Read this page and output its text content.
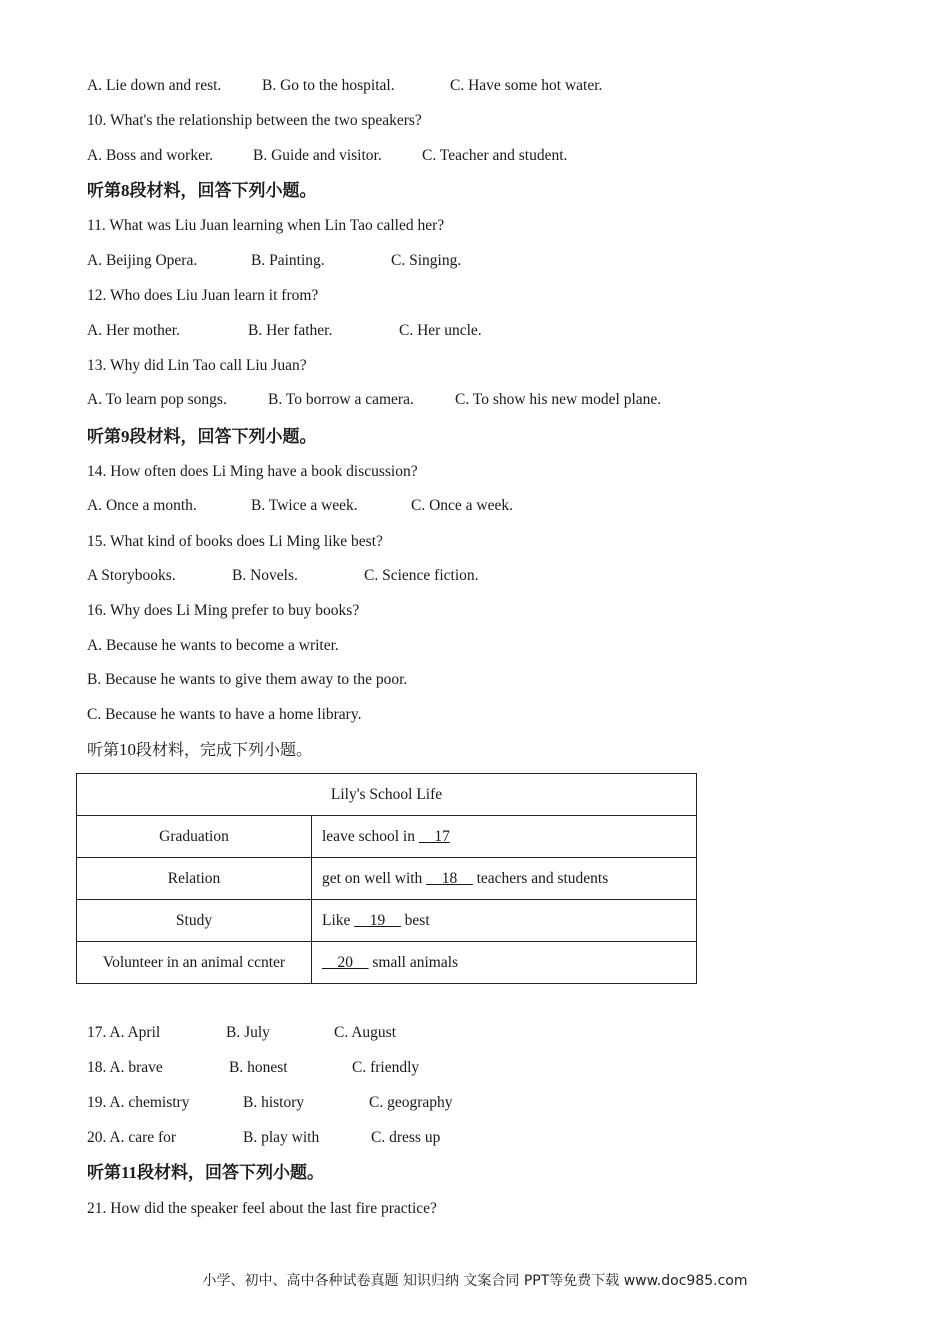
A. Lie down and rest.	B. Go to the hospital.	C. Have some hot water.
10. What's the relationship between the two speakers?
A. Boss and worker.	B. Guide and visitor.	C. Teacher and student.
听第8段材料，回答下列小题。
11. What was Liu Juan learning when Lin Tao called her?
A. Beijing Opera.	B. Painting.	C. Singing.
12. Who does Liu Juan learn it from?
A. Her mother.	B. Her father.	C. Her uncle.
13. Why did Lin Tao call Liu Juan?
A. To learn pop songs.	B. To borrow a camera.	C. To show his new model plane.
听第9段材料，回答下列小题。
14. How often does Li Ming have a book discussion?
A. Once a month.	B. Twice a week.	C. Once a week.
15. What kind of books does Li Ming like best?
A Storybooks.	B. Novels.	C. Science fiction.
16. Why does Li Ming prefer to buy books?
A. Because he wants to become a writer.
B. Because he wants to give them away to the poor.
C. Because he wants to have a home library.
听第10段材料，完成下列小题。
Lily's School Life	
Graduation	leave school in __17
Relation	get on well with __18__ teachers and students
Study	Like __19__ best
Volunteer in an animal ccnter	__20__ small animals
17. A. April	B. July	C. August
18. A. brave	B. honest	C. friendly
19. A. chemistry	B. history	C. geography
20. A. care for	B. play with	C. dress up
听第11段材料，回答下列小题。
21. How did the speaker feel about the last fire practice?
小学、初中、高中各种试卷真题 知识归纳 文案合同 PPT等免费下载 www.doc985.com
